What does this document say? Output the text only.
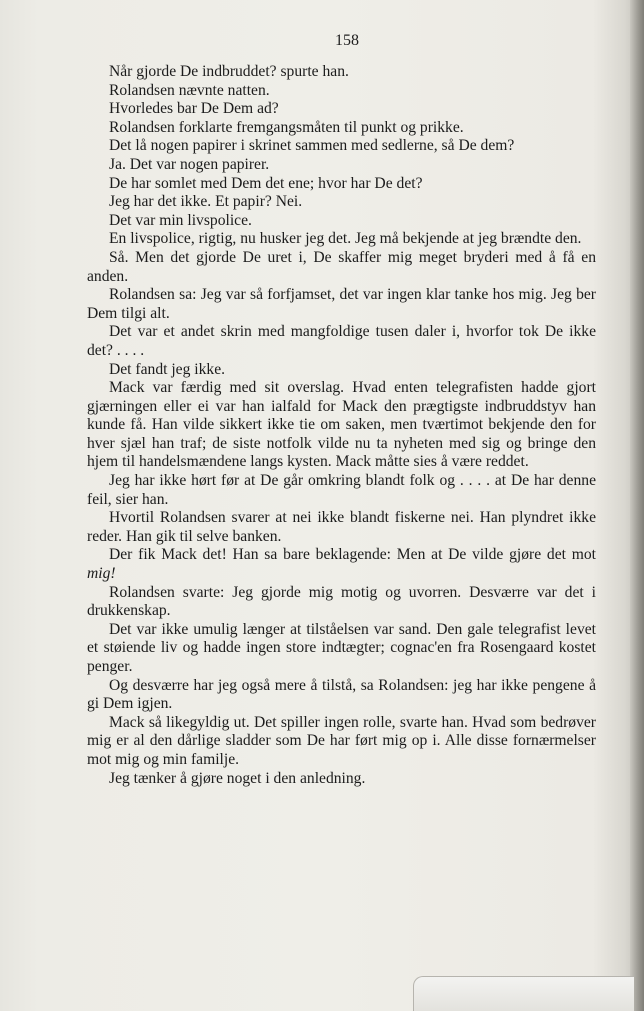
158

Når gjorde De indbruddet? spurte han.

Rolandsen nævnte natten.

Hvorledes bar De Dem ad?

Rolandsen forklarte fremgangsmåten til punkt og prikke.

Det lå nogen papirer i skrinet sammen med sedlerne, så De dem?

Ja. Det var nogen papirer.

De har somlet med Dem det ene; hvor har De det?

Jeg har det ikke. Et papir? Nei.

Det var min livspolice.

En livspolice, rigtig, nu husker jeg det. Jeg må bekjende at jeg brændte den.

Så. Men det gjorde De uret i, De skaffer mig meget bryderi med å få en anden.

Rolandsen sa: Jeg var så forfjamset, det var ingen klar tanke hos mig. Jeg ber Dem tilgi alt.

Det var et andet skrin med mangfoldige tusen daler i, hvorfor tok De ikke det? . . . .

Det fandt jeg ikke.

Mack var færdig med sit overslag. Hvad enten telegrafisten hadde gjort gjærningen eller ei var han ialfald for Mack den prægtigste indbruddstyv han kunde få. Han vilde sikkert ikke tie om saken, men tværtimot bekjende den for hver sjæl han traf; de siste notfolk vilde nu ta nyheten med sig og bringe den hjem til handelsmændene langs kysten. Mack måtte sies å være reddet.

Jeg har ikke hørt før at De går omkring blandt folk og . . . . at De har denne feil, sier han.

Hvortil Rolandsen svarer at nei ikke blandt fiskerne nei. Han plyndret ikke reder. Han gik til selve banken.

Der fik Mack det! Han sa bare beklagende: Men at De vilde gjøre det mot mig!

Rolandsen svarte: Jeg gjorde mig motig og uvorren. Desværre var det i drukkenskap.

Det var ikke umulig længer at tilståelsen var sand. Den gale telegrafist levet et støiende liv og hadde ingen store indtægter; cognac'en fra Rosengaard kostet penger.

Og desværre har jeg også mere å tilstå, sa Rolandsen: jeg har ikke pengene å gi Dem igjen.

Mack så likegyldig ut. Det spiller ingen rolle, svarte han. Hvad som bedrøver mig er al den dårlige sladder som De har ført mig op i. Alle disse fornærmelser mot mig og min familje.

Jeg tænker å gjøre noget i den anledning.
